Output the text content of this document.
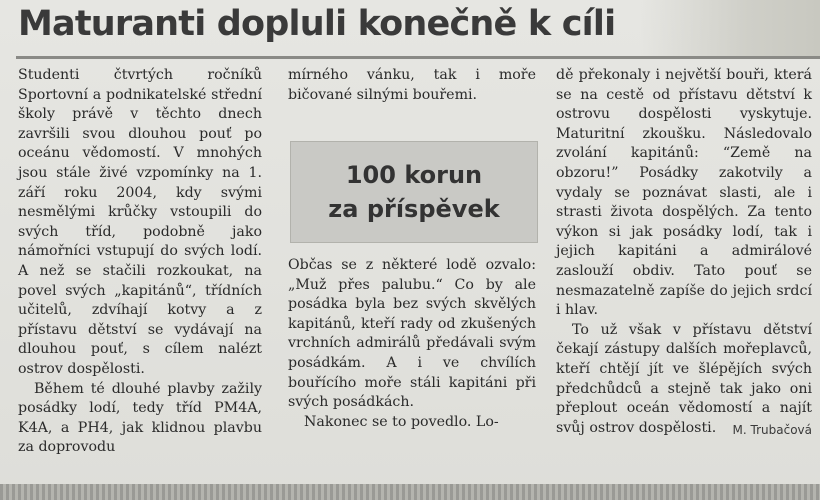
Maturanti dopluli konečně k cíli

Studenti čtvrtých ročníků Sportovní a podnikatelské střední školy právě v těchto dnech završili svou dlouhou pouť po oceánu vědomostí. V mnohých jsou stále živé vzpomínky na 1. září roku 2004, kdy svými nesmělými krůčky vstoupili do svých tříd, podobně jako námořníci vstupují do svých lodí. A než se stačili rozkoukat, na povel svých „kapitánů“, třídních učitelů, zdvíhají kotvy a z přístavu dětství se vydávají na dlouhou pouť, s cílem nalézt ostrov dospělosti.

Během té dlouhé plavby zažily posádky lodí, tedy tříd PM4A, K4A, a PH4, jak klidnou plavbu za doprovodu

mírného vánku, tak i moře bičované silnými bouřemi.

Občas se z některé lodě ozvalo: „Muž přes palubu.“ Co by ale posádka byla bez svých skvělých kapitánů, kteří rady od zkušených vrchních admirálů předávali svým posádkám. A i ve chvílích bouřícího moře stáli kapitáni při svých posádkách.

Nakonec se to povedlo. Lo-

100 korun
za příspěvek

dě překonaly i největší bouři, která se na cestě od přístavu dětství k ostrovu dospělosti vyskytuje. Maturitní zkoušku. Následovalo zvolání kapitánů: “Země na obzoru!” Posádky zakotvily a vydaly se poznávat slasti, ale i strasti života dospělých. Za tento výkon si jak posádky lodí, tak i jejich kapitáni a admirálové zaslouží obdiv. Tato pouť se nesmazatelně zapíše do jejich srdcí i hlav.

To už však v přístavu dětství čekají zástupy dalších mořeplavců, kteří chtějí jít ve šlépějích svých předchůdců a stejně tak jako oni přeplout oceán vědomostí a najít svůj ostrov dospělosti.	M. Trubačová
